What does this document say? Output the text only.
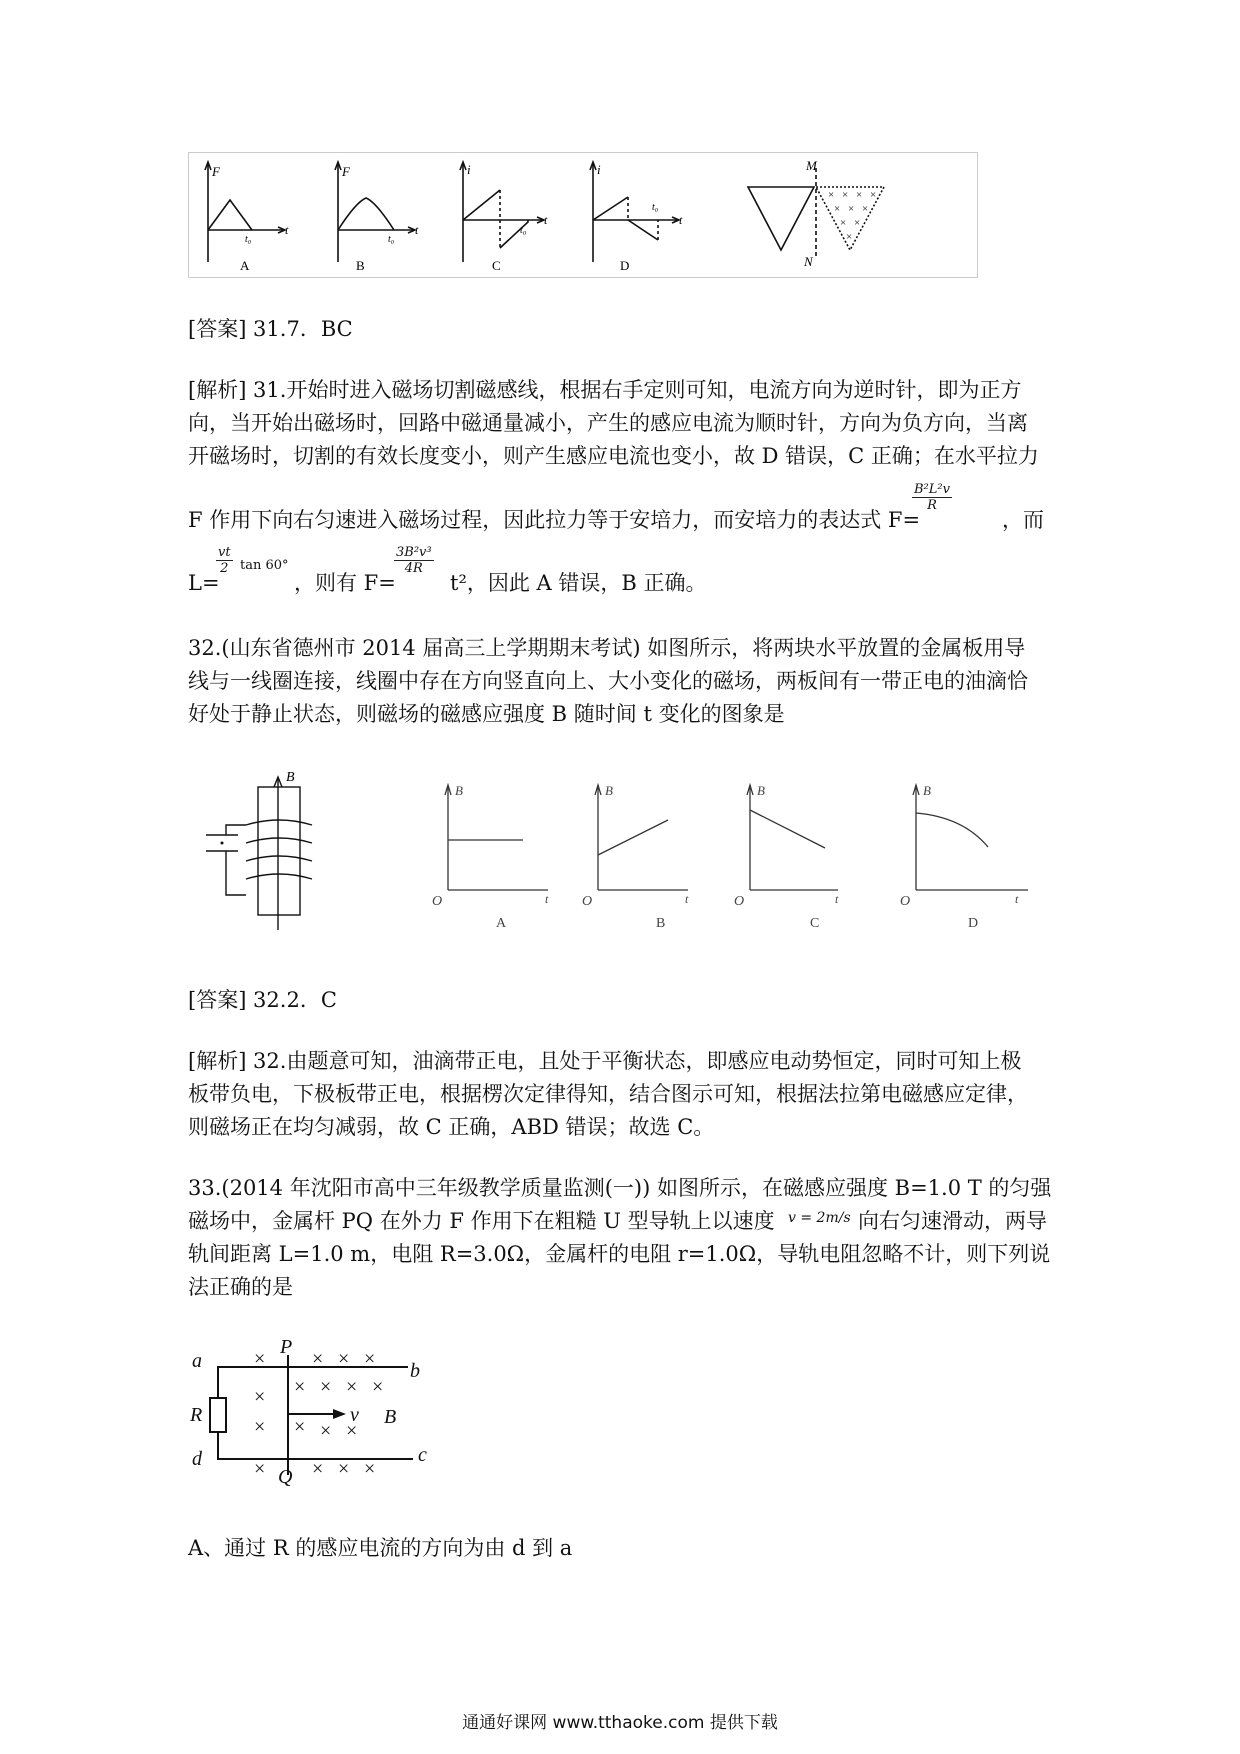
F
t₀
t
A
F
t₀
t
B
i
t₀
t
C
i
t₀
t
D
× × × ×
× × ×
× ×
×
M
N
[答案] 31.7．BC
[解析] 31.开始时进入磁场切割磁感线，根据右手定则可知，电流方向为逆时针，即为正方
向，当开始出磁场时，回路中磁通量减小，产生的感应电流为顺时针，方向为负方向，当离
开磁场时，切割的有效长度变小，则产生感应电流也变小，故 D 错误，C 正确；在水平拉力
F 作用下向右匀速进入磁场过程，因此拉力等于安培力，而安培力的表达式 F=
$\frac{\text{B²L²v}}{R}$
，而
L=
$\frac{vt}{2}$ tan 60°
，则有 F=
$\frac{\text{3B²v³}}{4R}$
t²，因此 A 错误，B 正确。
32.(山东省德州市 2014 届高三上学期期末考试) 如图所示，将两块水平放置的金属板用导
线与一线圈连接，线圈中存在方向竖直向上、大小变化的磁场，两板间有一带正电的油滴恰
好处于静止状态，则磁场的磁感应强度 B 随时间 t 变化的图象是
B
O
B
t
A
O
B
t
B
O
B
t
C
O
B
t
D
[答案] 32.2．C
[解析] 32.由题意可知，油滴带正电，且处于平衡状态，即感应电动势恒定，同时可知上极
板带负电，下极板带正电，根据楞次定律得知，结合图示可知，根据法拉第电磁感应定律，
则磁场正在均匀减弱，故 C 正确，ABD 错误；故选 C。
33.(2014 年沈阳市高中三年级教学质量监测(一)) 如图所示，在磁感应强度 B=1.0 T 的匀强
磁场中，金属杆 PQ 在外力 F 作用下在粗糙 U 型导轨上以速度 v = 2m/s 向右匀速滑动，两导
轨间距离 L=1.0 m，电阻 R=3.0Ω，金属杆的电阻 r=1.0Ω，导轨电阻忽略不计，则下列说
法正确的是
× × × ×
× × × × ×
× × × ×
× × × ×
a	b
c
d
P
Q
R	B
v
A、通过 R 的感应电流的方向为由 d 到 a
通通好课网 www.tthaoke.com 提供下载
